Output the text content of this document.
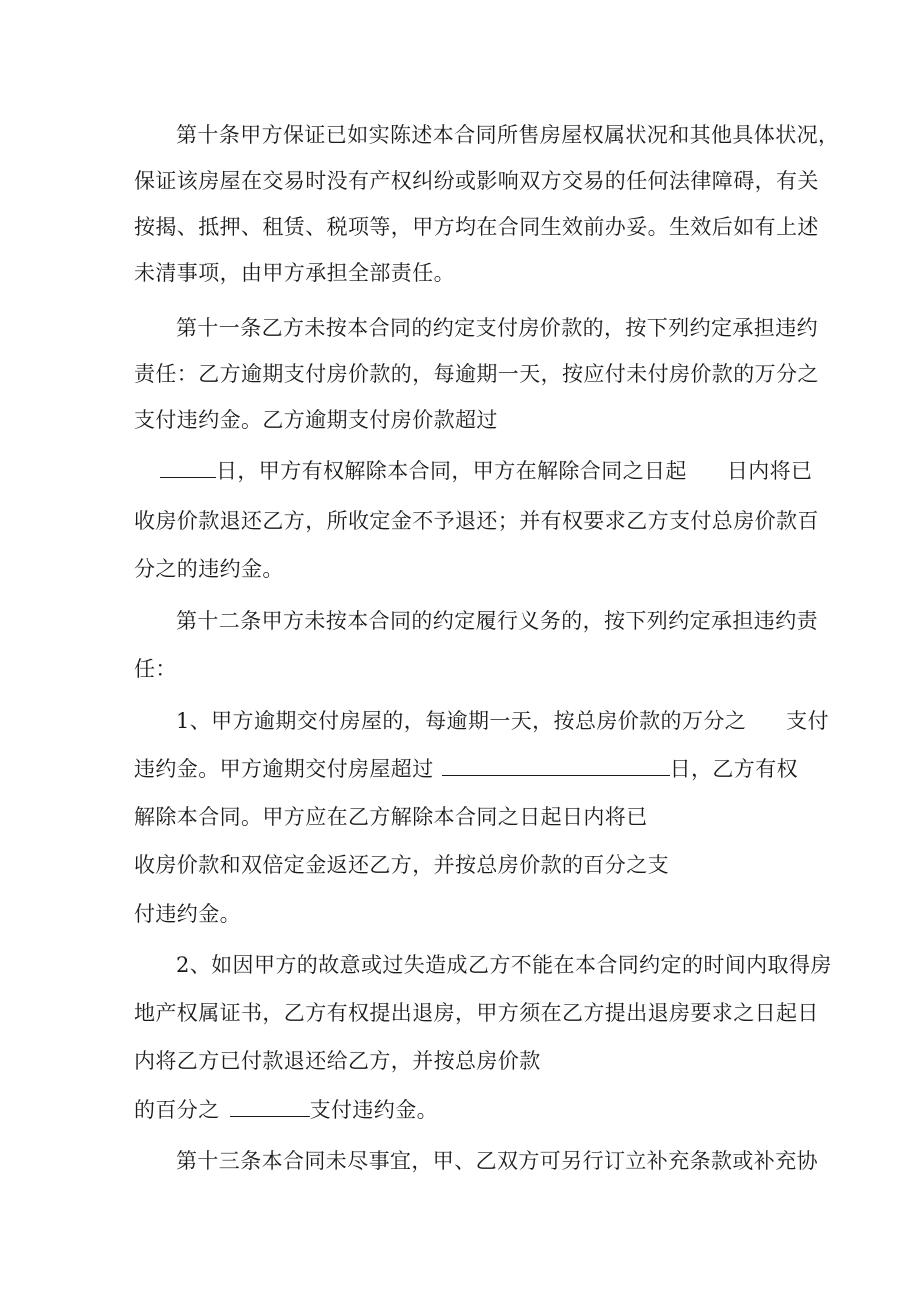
第十条甲方保证已如实陈述本合同所售房屋权属状况和其他具体状况，
保证该房屋在交易时没有产权纠纷或影响双方交易的任何法律障碍，有关
按揭、抵押、租赁、税项等，甲方均在合同生效前办妥。生效后如有上述
未清事项，由甲方承担全部责任。
第十一条乙方未按本合同的约定支付房价款的，按下列约定承担违约
责任：乙方逾期支付房价款的，每逾期一天，按应付未付房价款的万分之
支付违约金。乙方逾期支付房价款超过
日，甲方有权解除本合同，甲方在解除合同之日起 日内将已
收房价款退还乙方，所收定金不予退还；并有权要求乙方支付总房价款百
分之的违约金。
第十二条甲方未按本合同的约定履行义务的，按下列约定承担违约责
任：
1、甲方逾期交付房屋的，每逾期一天，按总房价款的万分之 支付
违约金。甲方逾期交付房屋超过	日，乙方有权
解除本合同。甲方应在乙方解除本合同之日起日内将已
收房价款和双倍定金返还乙方，并按总房价款的百分之支
付违约金。
2、如因甲方的故意或过失造成乙方不能在本合同约定的时间内取得房
地产权属证书，乙方有权提出退房，甲方须在乙方提出退房要求之日起日
内将乙方已付款退还给乙方，并按总房价款
的百分之	支付违约金。
第十三条本合同未尽事宜，甲、乙双方可另行订立补充条款或补充协
